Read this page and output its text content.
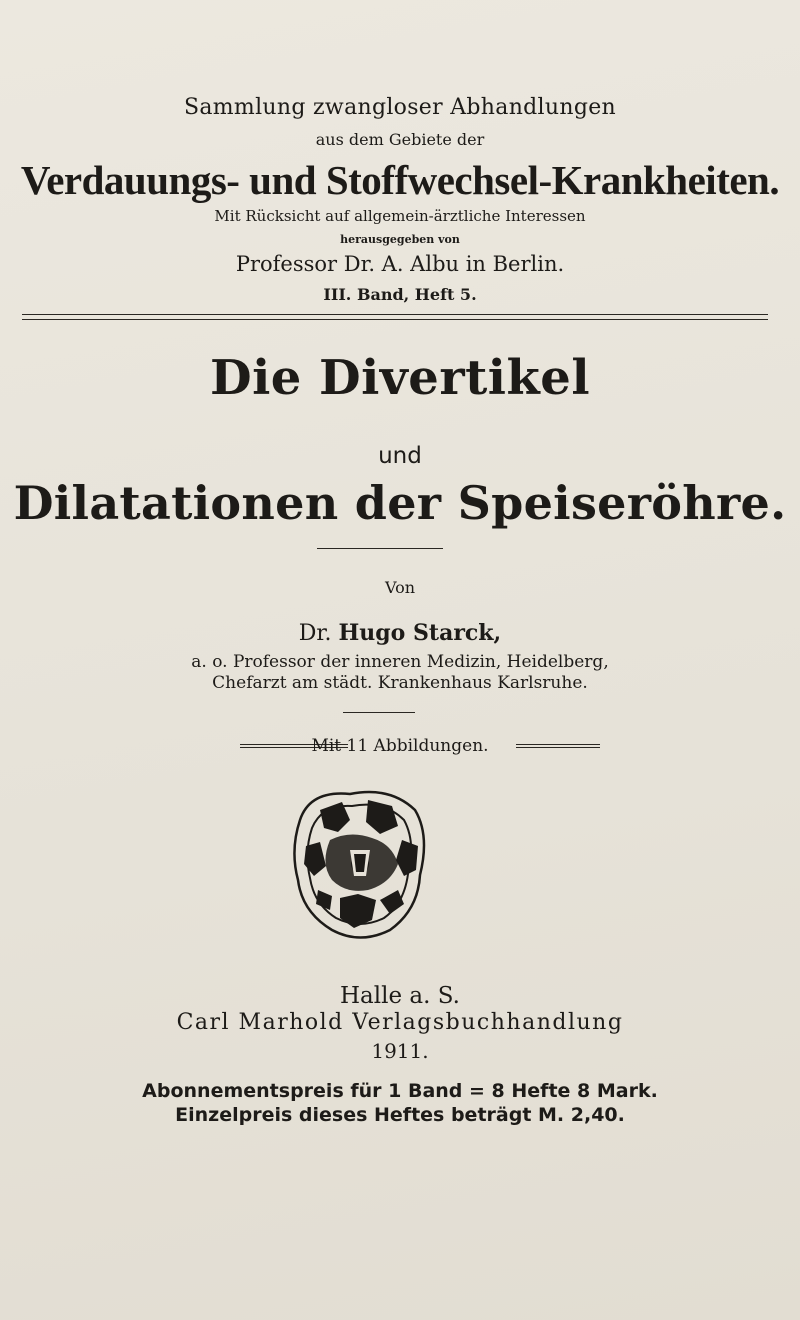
Sammlung zwangloser Abhandlungen
aus dem Gebiete der
Verdauungs- und Stoffwechsel-Krankheiten.
Mit Rücksicht auf allgemein-ärztliche Interessen
herausgegeben von
Professor Dr. A. Albu in Berlin.
III. Band, Heft 5.
Die Divertikel
und
Dilatationen der Speiseröhre.
Von
Dr. Hugo Starck,
a. o. Professor der inneren Medizin, Heidelberg,
Chefarzt am städt. Krankenhaus Karlsruhe.
Mit 11 Abbildungen.
Halle a. S.
Carl Marhold Verlagsbuchhandlung
1911.
Abonnementspreis für 1 Band = 8 Hefte 8 Mark.
Einzelpreis dieses Heftes beträgt M. 2,40.
